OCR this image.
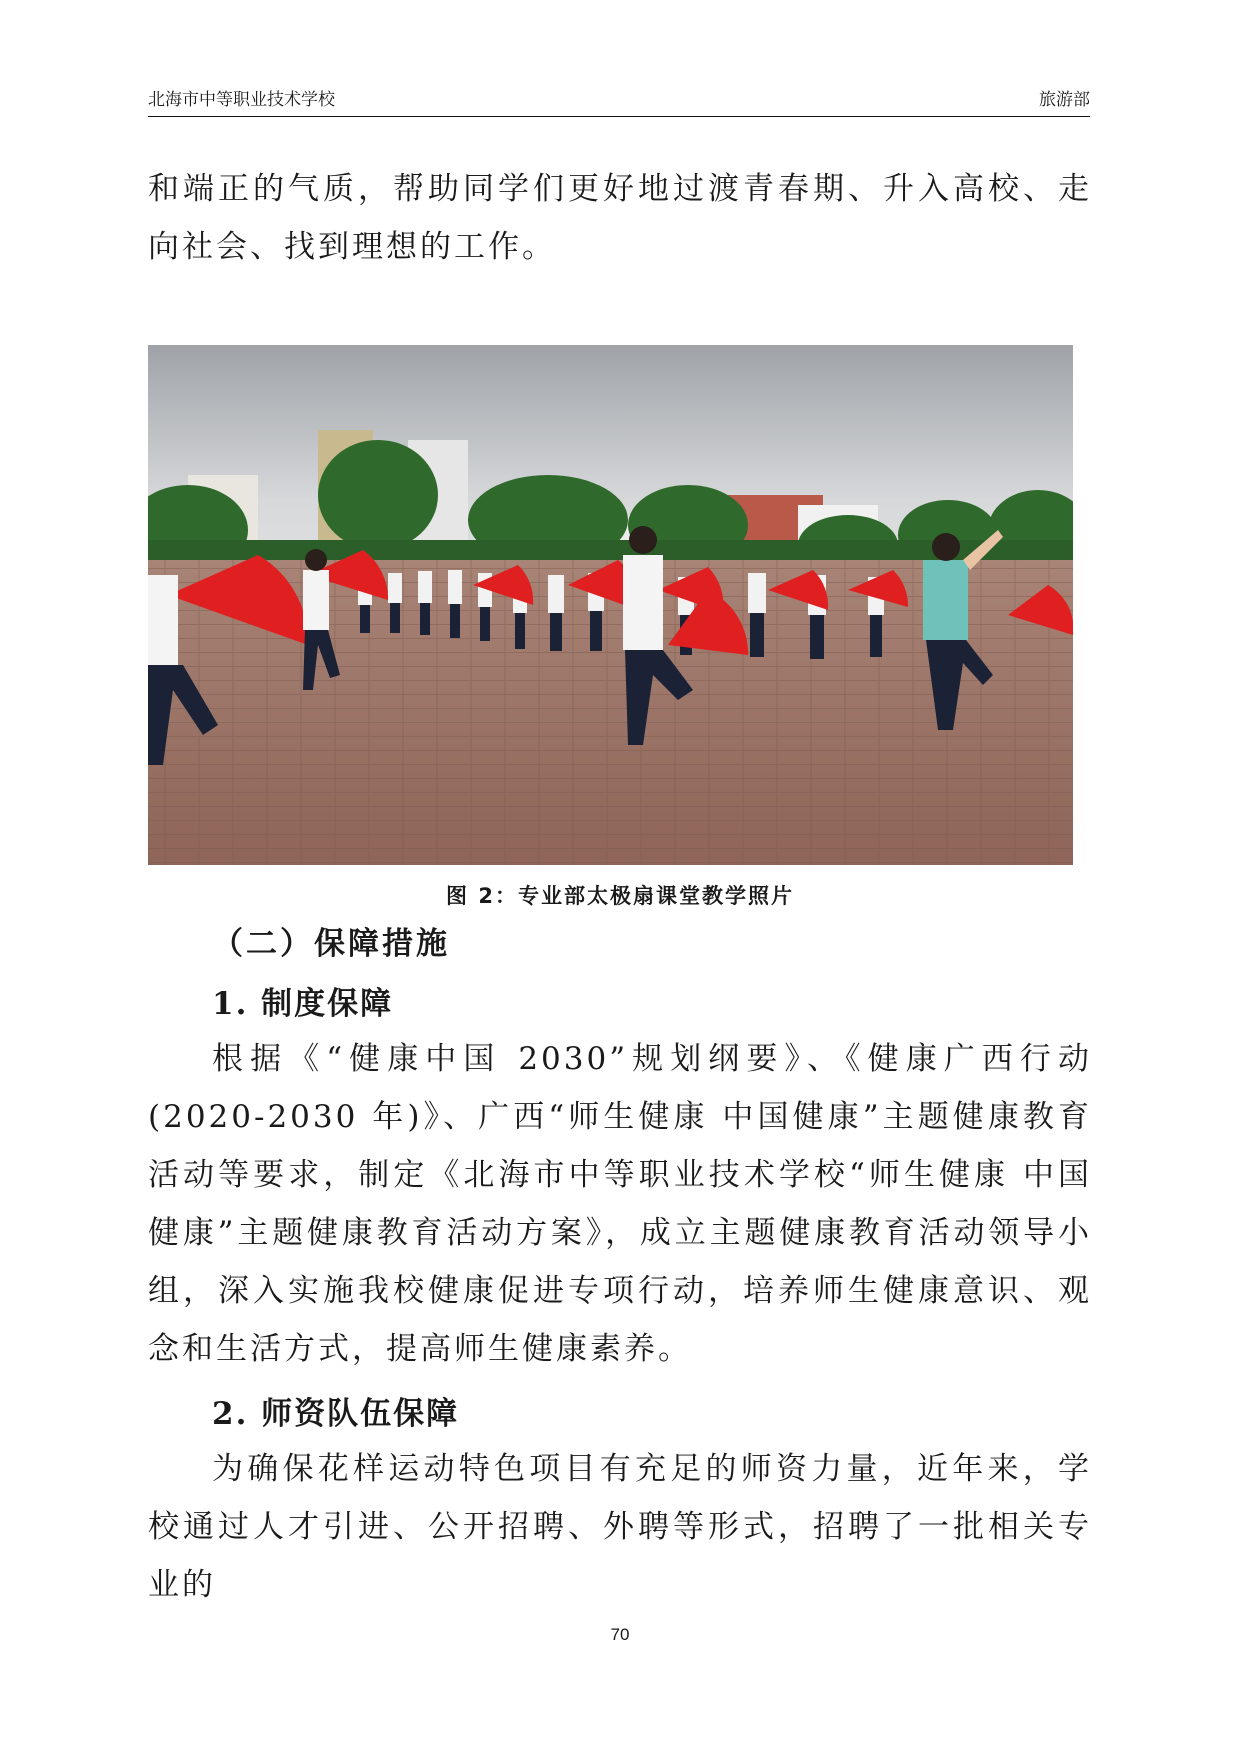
北海市中等职业技术学校	旅游部

和端正的气质，帮助同学们更好地过渡青春期、升入高校、走向社会、找到理想的工作。

图 2：专业部太极扇课堂教学照片
（二）保障措施
1. 制度保障

根据《“健康中国 2030”规划纲要》、《健康广西行动(2020-2030 年)》、广西“师生健康 中国健康”主题健康教育活动等要求，制定《北海市中等职业技术学校“师生健康 中国健康”主题健康教育活动方案》，成立主题健康教育活动领导小组，深入实施我校健康促进专项行动，培养师生健康意识、观念和生活方式，提高师生健康素养。

2. 师资队伍保障

为确保花样运动特色项目有充足的师资力量，近年来，学校通过人才引进、公开招聘、外聘等形式，招聘了一批相关专业的

70
